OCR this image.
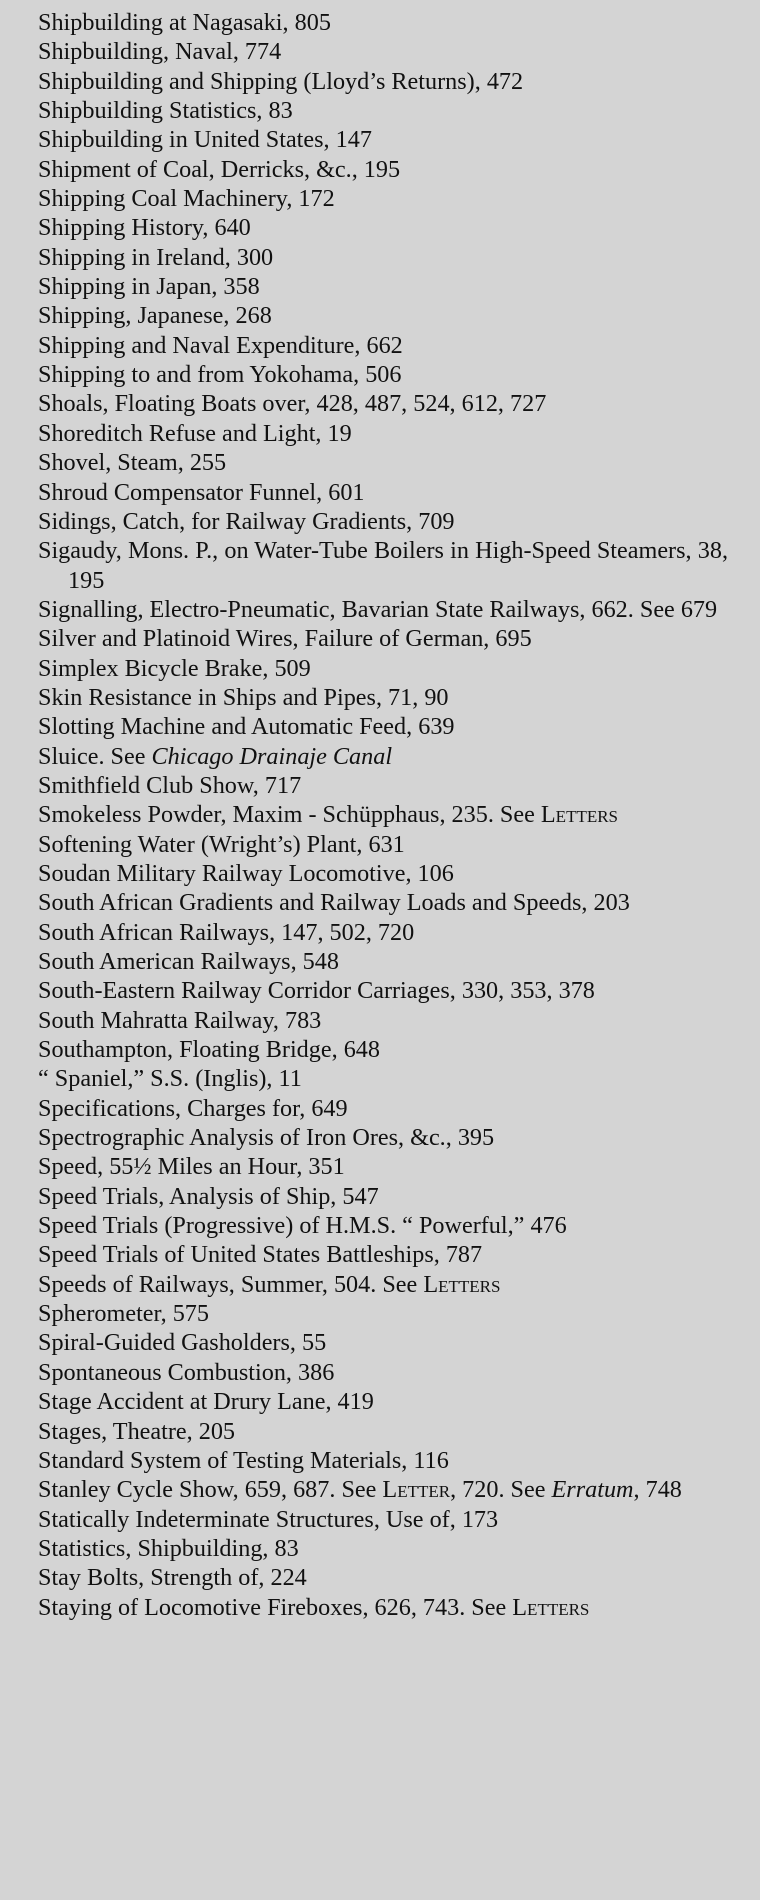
Shipbuilding at Nagasaki, 805
Shipbuilding, Naval, 774
Shipbuilding and Shipping (Lloyd’s Returns), 472
Shipbuilding Statistics, 83
Shipbuilding in United States, 147
Shipment of Coal, Derricks, &c., 195
Shipping Coal Machinery, 172
Shipping History, 640
Shipping in Ireland, 300
Shipping in Japan, 358
Shipping, Japanese, 268
Shipping and Naval Expenditure, 662
Shipping to and from Yokohama, 506
Shoals, Floating Boats over, 428, 487, 524, 612, 727
Shoreditch Refuse and Light, 19
Shovel, Steam, 255
Shroud Compensator Funnel, 601
Sidings, Catch, for Railway Gradients, 709
Sigaudy, Mons. P., on Water-Tube Boilers in High-Speed Steamers, 38, 195
Signalling, Electro-Pneumatic, Bavarian State Railways, 662. See 679
Silver and Platinoid Wires, Failure of German, 695
Simplex Bicycle Brake, 509
Skin Resistance in Ships and Pipes, 71, 90
Slotting Machine and Automatic Feed, 639
Sluice. See Chicago Drainaje Canal
Smithfield Club Show, 717
Smokeless Powder, Maxim - Schüpphaus, 235. See Letters
Softening Water (Wright’s) Plant, 631
Soudan Military Railway Locomotive, 106
South African Gradients and Railway Loads and Speeds, 203
South African Railways, 147, 502, 720
South American Railways, 548
South-Eastern Railway Corridor Carriages, 330, 353, 378
South Mahratta Railway, 783
Southampton, Floating Bridge, 648
“ Spaniel,” S.S. (Inglis), 11
Specifications, Charges for, 649
Spectrographic Analysis of Iron Ores, &c., 395
Speed, 55½ Miles an Hour, 351
Speed Trials, Analysis of Ship, 547
Speed Trials (Progressive) of H.M.S. “ Powerful,” 476
Speed Trials of United States Battleships, 787
Speeds of Railways, Summer, 504. See Letters
Spherometer, 575
Spiral-Guided Gasholders, 55
Spontaneous Combustion, 386
Stage Accident at Drury Lane, 419
Stages, Theatre, 205
Standard System of Testing Materials, 116
Stanley Cycle Show, 659, 687. See Letter, 720. See Erratum, 748
Statically Indeterminate Structures, Use of, 173
Statistics, Shipbuilding, 83
Stay Bolts, Strength of, 224
Staying of Locomotive Fireboxes, 626, 743. See Letters
